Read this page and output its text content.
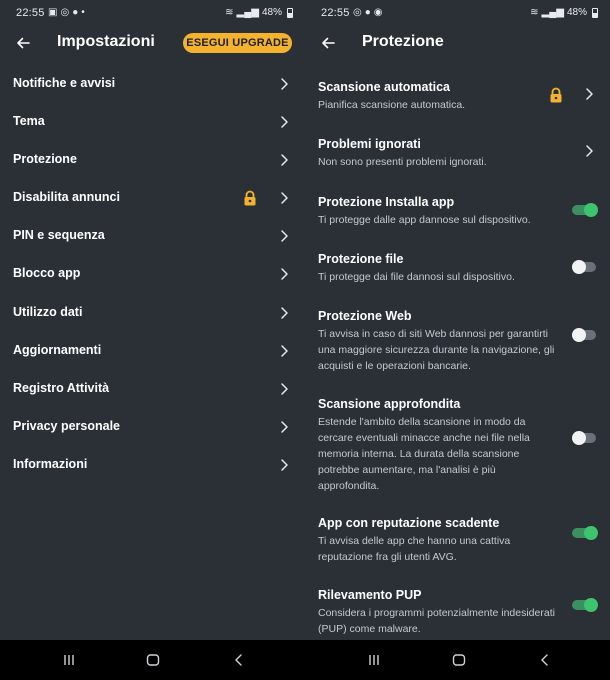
22:55 ▣ ◎ ● •	≋ ▂▄▆ 48%
Impostazioni	ESEGUI UPGRADE
Notifiche e avvisi
Tema
Protezione
Disabilita annunci
PIN e sequenza
Blocco app
Utilizzo dati
Aggiornamenti
Registro Attività
Privacy personale
Informazioni
22:55 ◎ ● ◉	≋ ▂▄▆ 48%
Protezione
Scansione automatica
Pianifica scansione automatica.
Problemi ignorati
Non sono presenti problemi ignorati.
Protezione Installa app
Ti protegge dalle app dannose sul dispositivo.
Protezione file
Ti protegge dai file dannosi sul dispositivo.
Protezione Web
Ti avvisa in caso di siti Web dannosi per garantirti una maggiore sicurezza durante la navigazione, gli acquisti e le operazioni bancarie.
Scansione approfondita
Estende l'ambito della scansione in modo da cercare eventuali minacce anche nei file nella memoria interna. La durata della scansione potrebbe aumentare, ma l'analisi è più approfondita.
App con reputazione scadente
Ti avvisa delle app che hanno una cattiva reputazione fra gli utenti AVG.
Rilevamento PUP
Considera i programmi potenzialmente indesiderati (PUP) come malware.
